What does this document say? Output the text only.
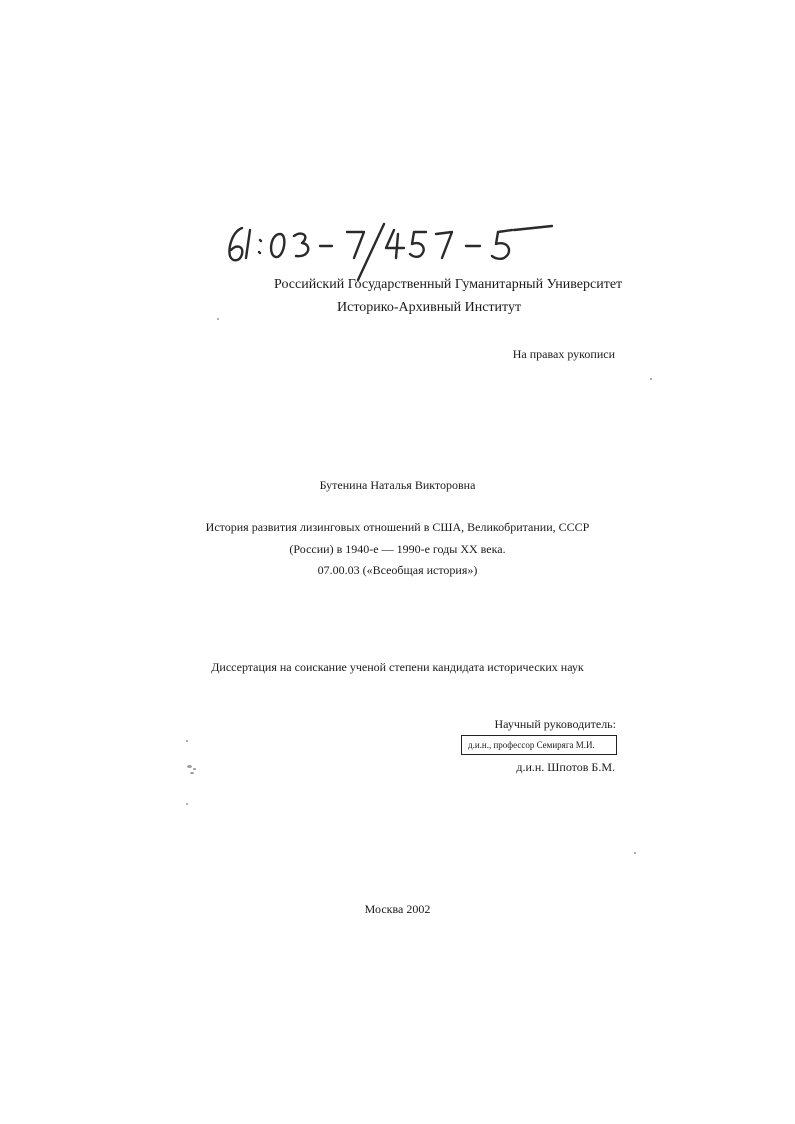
Российский Государственный Гуманитарный Университет
Историко-Архивный Институт
На правах рукописи
Бутенина Наталья Викторовна
История развития лизинговых отношений в США, Великобритании, СССР
(России) в 1940-е — 1990-е годы XX века.
07.00.03 («Всеобщая история»)
Диссертация на соискание ученой степени кандидата исторических наук
Научный руководитель:
д.и.н., профессор Семиряга М.И.
д.и.н. Шпотов Б.М.
Москва 2002
